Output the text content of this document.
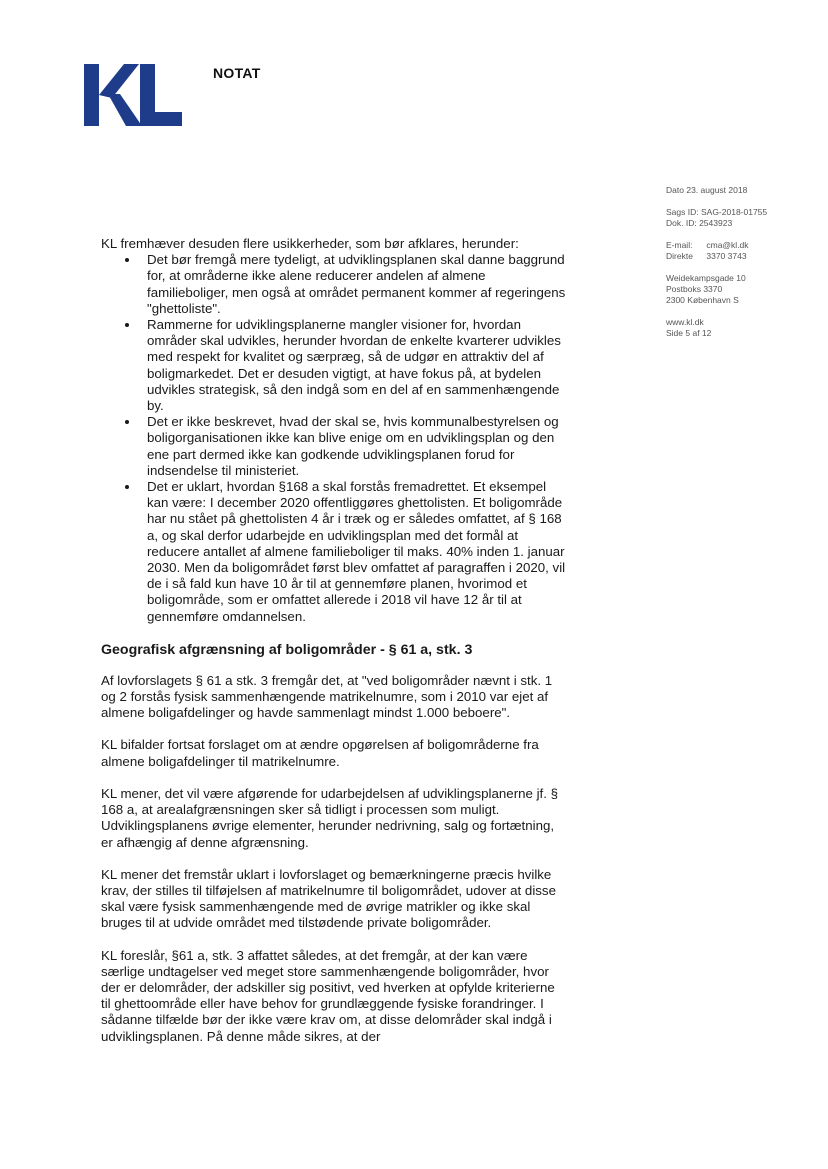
NOTAT
Dato 23. august 2018
Sags ID: SAG-2018-01755
Dok. ID: 2543923
E-mail: cma@kl.dk
Direkte 3370 3743
Weidekampsgade 10
Postboks 3370
2300 København S
www.kl.dk
Side 5 af 12

KL fremhæver desuden flere usikkerheder, som bør afklares, herunder:

Det bør fremgå mere tydeligt, at udviklingsplanen skal danne baggrund for, at områderne ikke alene reducerer andelen af almene familieboliger, men også at området permanent kommer af regeringens "ghettoliste".
Rammerne for udviklingsplanerne mangler visioner for, hvordan områder skal udvikles, herunder hvordan de enkelte kvarterer udvikles med respekt for kvalitet og særpræg, så de udgør en attraktiv del af boligmarkedet. Det er desuden vigtigt, at have fokus på, at bydelen udvikles strategisk, så den indgå som en del af en sammenhængende by.
Det er ikke beskrevet, hvad der skal se, hvis kommunalbestyrelsen og boligorganisationen ikke kan blive enige om en udviklingsplan og den ene part dermed ikke kan godkende udviklingsplanen forud for indsendelse til ministeriet.
Det er uklart, hvordan §168 a skal forstås fremadrettet. Et eksempel kan være: I december 2020 offentliggøres ghettolisten. Et boligområde har nu stået på ghettolisten 4 år i træk og er således omfattet, af § 168 a, og skal derfor udarbejde en udviklingsplan med det formål at reducere antallet af almene familieboliger til maks. 40% inden 1. januar 2030. Men da boligområdet først blev omfattet af paragraffen i 2020, vil de i så fald kun have 10 år til at gennemføre planen, hvorimod et boligområde, som er omfattet allerede i 2018 vil have 12 år til at gennemføre omdannelsen.
Geografisk afgrænsning af boligområder - § 61 a, stk. 3

Af lovforslagets § 61 a stk. 3 fremgår det, at "ved boligområder nævnt i stk. 1 og 2 forstås fysisk sammenhængende matrikelnumre, som i 2010 var ejet af almene boligafdelinger og havde sammenlagt mindst 1.000 beboere".

KL bifalder fortsat forslaget om at ændre opgørelsen af boligområderne fra almene boligafdelinger til matrikelnumre.

KL mener, det vil være afgørende for udarbejdelsen af udviklingsplanerne jf. § 168 a, at arealafgrænsningen sker så tidligt i processen som muligt. Udviklingsplanens øvrige elementer, herunder nedrivning, salg og fortætning, er afhængig af denne afgrænsning.

KL mener det fremstår uklart i lovforslaget og bemærkningerne præcis hvilke krav, der stilles til tilføjelsen af matrikelnumre til boligområdet, udover at disse skal være fysisk sammenhængende med de øvrige matrikler og ikke skal bruges til at udvide området med tilstødende private boligområder.

KL foreslår, §61 a, stk. 3 affattet således, at det fremgår, at der kan være særlige undtagelser ved meget store sammenhængende boligområder, hvor der er delområder, der adskiller sig positivt, ved hverken at opfylde kriterierne til ghettoområde eller have behov for grundlæggende fysiske forandringer. I sådanne tilfælde bør der ikke være krav om, at disse delområder skal indgå i udviklingsplanen. På denne måde sikres, at der
